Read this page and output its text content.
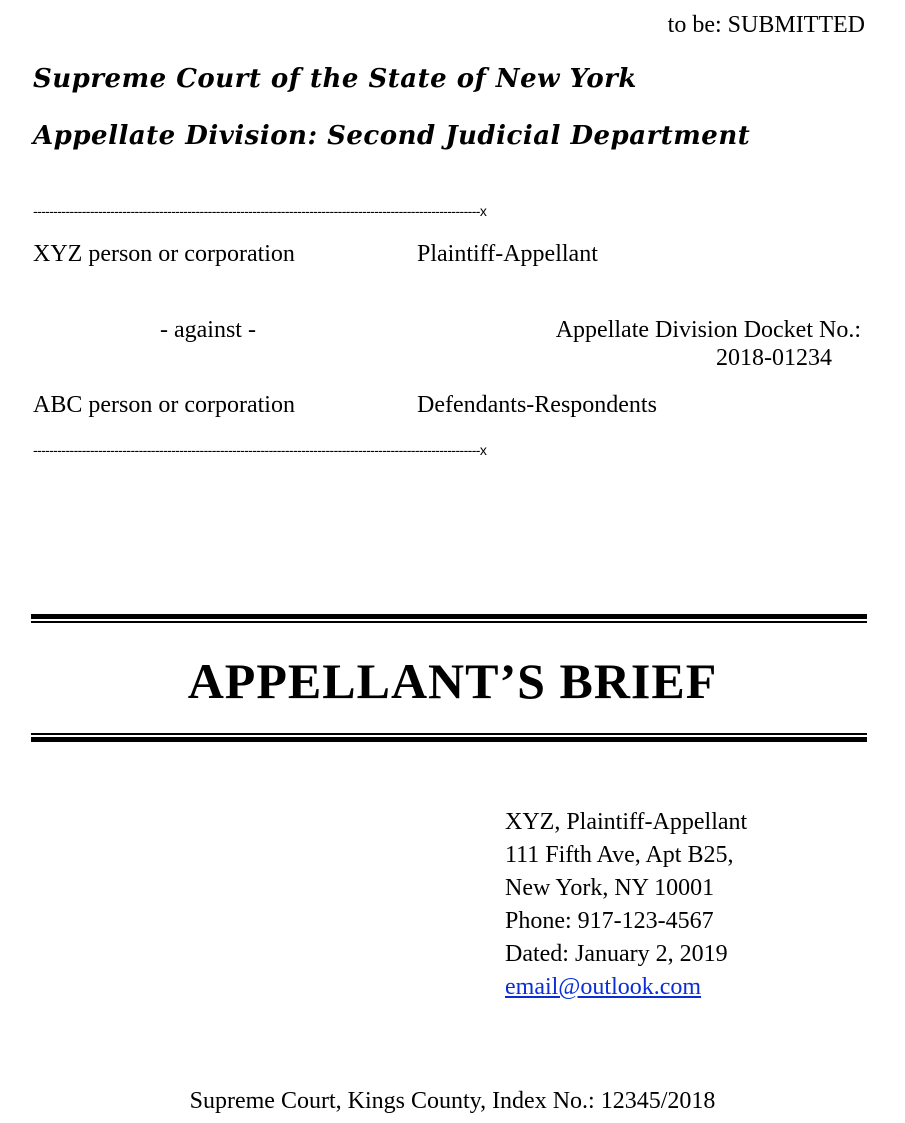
to be: SUBMITTED
Supreme Court of the State of New York
Appellate Division: Second Judicial Department
--------------------------------------------------------------------------------------------------------------x
XYZ person or corporation	Plaintiff-Appellant
- against -	Appellate Division Docket No.:
2018-01234
ABC person or corporation	Defendants-Respondents
--------------------------------------------------------------------------------------------------------------x
APPELLANT’S BRIEF
XYZ, Plaintiff-Appellant
111 Fifth Ave, Apt B25,
New York, NY 10001
Phone: 917-123-4567
Dated: January 2, 2019
email@outlook.com
Supreme Court, Kings County, Index No.: 12345/2018
